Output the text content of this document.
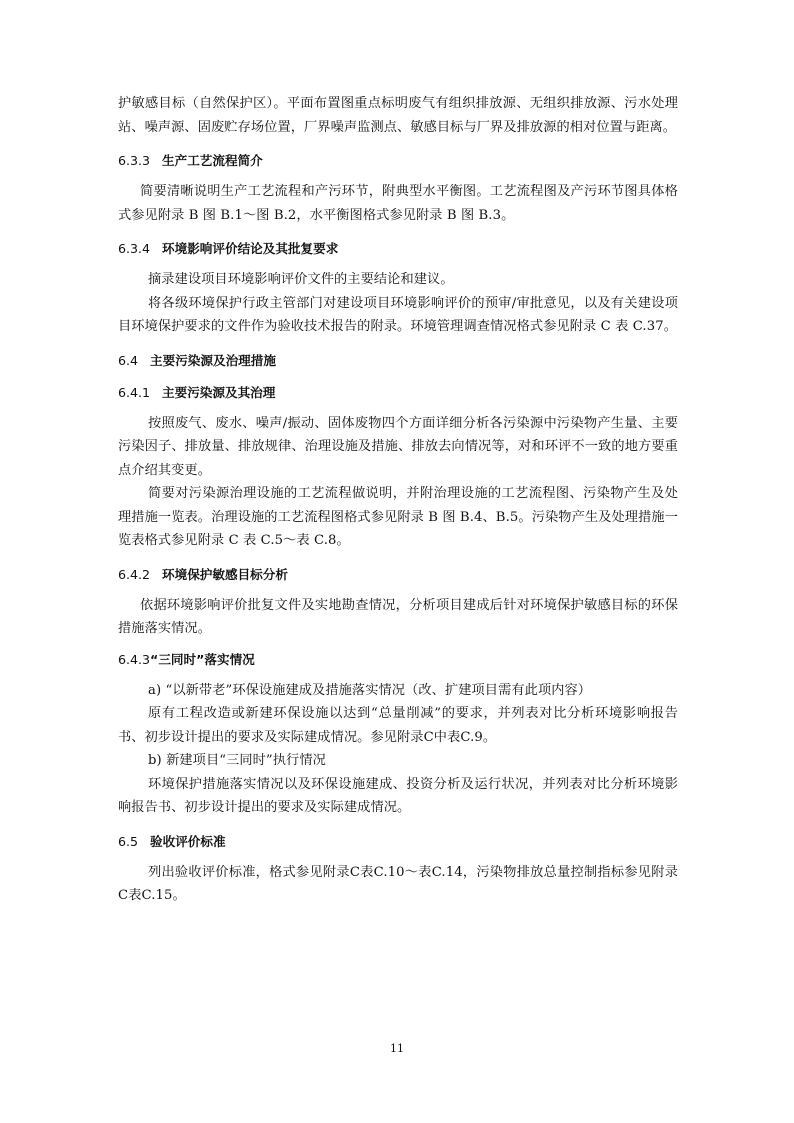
护敏感目标（自然保护区）。平面布置图重点标明废气有组织排放源、无组织排放源、污水处理站、噪声源、固废贮存场位置，厂界噪声监测点、敏感目标与厂界及排放源的相对位置与距离。

6.3.3 生产工艺流程简介

简要清晰说明生产工艺流程和产污环节，附典型水平衡图。工艺流程图及产污环节图具体格式参见附录 B 图 B.1～图 B.2，水平衡图格式参见附录 B 图 B.3。

6.3.4 环境影响评价结论及其批复要求

摘录建设项目环境影响评价文件的主要结论和建议。

将各级环境保护行政主管部门对建设项目环境影响评价的预审/审批意见，以及有关建设项目环境保护要求的文件作为验收技术报告的附录。环境管理调查情况格式参见附录 C 表 C.37。

6.4 主要污染源及治理措施
6.4.1 主要污染源及其治理

按照废气、废水、噪声/振动、固体废物四个方面详细分析各污染源中污染物产生量、主要污染因子、排放量、排放规律、治理设施及措施、排放去向情况等，对和环评不一致的地方要重点介绍其变更。

简要对污染源治理设施的工艺流程做说明，并附治理设施的工艺流程图、污染物产生及处理措施一览表。治理设施的工艺流程图格式参见附录 B 图 B.4、B.5。污染物产生及处理措施一览表格式参见附录 C 表 C.5～表 C.8。

6.4.2 环境保护敏感目标分析

依据环境影响评价批复文件及实地勘查情况，分析项目建成后针对环境保护敏感目标的环保措施落实情况。

6.4.3“三同时”落实情况

a) “以新带老”环保设施建成及措施落实情况（改、扩建项目需有此项内容）

原有工程改造或新建环保设施以达到“总量削减”的要求，并列表对比分析环境影响报告书、初步设计提出的要求及实际建成情况。参见附录C中表C.9。

b) 新建项目“三同时”执行情况

环境保护措施落实情况以及环保设施建成、投资分析及运行状况，并列表对比分析环境影响报告书、初步设计提出的要求及实际建成情况。

6.5 验收评价标准

列出验收评价标准，格式参见附录C表C.10～表C.14，污染物排放总量控制指标参见附录C表C.15。

11
